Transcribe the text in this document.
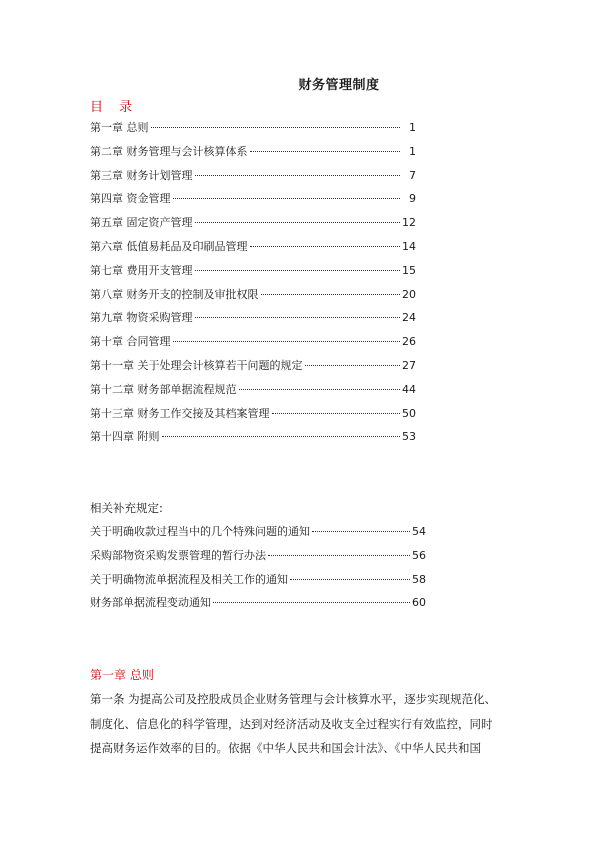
财务管理制度
目 录
第一章 总则	1
第二章 财务管理与会计核算体系	1
第三章 财务计划管理	7
第四章 资金管理	9
第五章 固定资产管理	12
第六章 低值易耗品及印刷品管理	14
第七章 费用开支管理	15
第八章 财务开支的控制及审批权限	20
第九章 物资采购管理	24
第十章 合同管理	26
第十一章 关于处理会计核算若干问题的规定	27
第十二章 财务部单据流程规范	44
第十三章 财务工作交接及其档案管理	50
第十四章 附则	53
相关补充规定:
关于明确收款过程当中的几个特殊问题的通知	54
采购部物资采购发票管理的暂行办法	56
关于明确物流单据流程及相关工作的通知	58
财务部单据流程变动通知	60
第一章 总则
第一条 为提高公司及控股成员企业财务管理与会计核算水平，逐步实现规范化、
制度化、信息化的科学管理，达到对经济活动及收支全过程实行有效监控，同时
提高财务运作效率的目的。依据《中华人民共和国会计法》、《中华人民共和国
